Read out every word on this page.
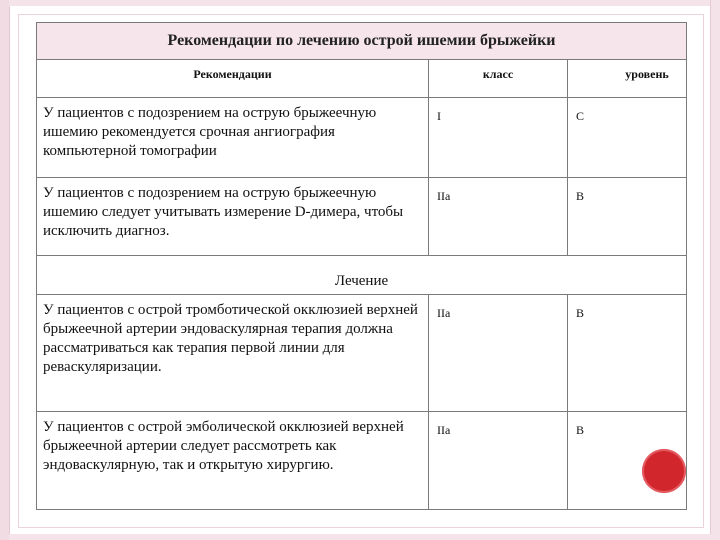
Рекомендации по лечению острой ишемии брыжейки		
Рекомендации	класс	уровень

У пациентов с подозрением на острую брыжеечную ишемию рекомендуется срочная ангиография компьютерной томографии	I	С

У пациентов с подозрением на острую брыжеечную ишемию следует учитывать измерение D-димера, чтобы исключить диагноз.	IIa	B

Лечение		

У пациентов с острой тромботической окклюзией верхней брыжеечной артерии эндоваскулярная терапия должна рассматриваться как терапия первой линии для реваскуляризации.	IIa	B

У пациентов с острой эмболической окклюзией верхней брыжеечной артерии следует рассмотреть как эндоваскулярную, так и открытую хирургию.	IIa	B
